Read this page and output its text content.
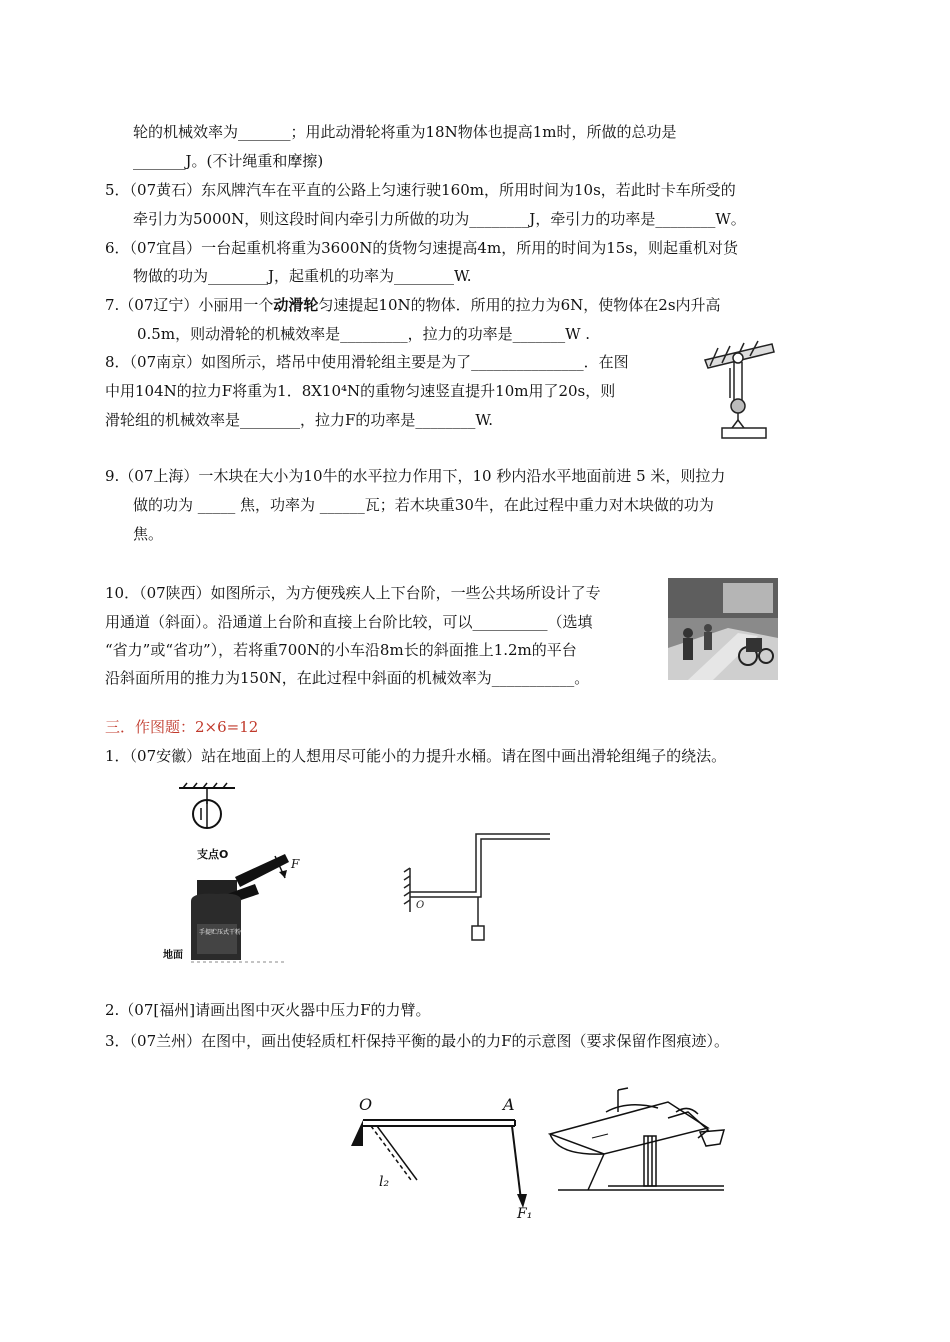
轮的机械效率为_______；用此动滑轮将重为18N物体也提高1m时，所做的总功是
_______J。(不计绳重和摩擦)
5．（07黄石）东风牌汽车在平直的公路上匀速行驶160m，所用时间为10s，若此时卡车所受的
牵引力为5000N，则这段时间内牵引力所做的功为________J，牵引力的功率是________W。
6．（07宜昌）一台起重机将重为3600N的货物匀速提高4m，所用的时间为15s，则起重机对货
物做的功为________J，起重机的功率为________W.
7.（07辽宁）小丽用一个动滑轮匀速提起10N的物体．所用的拉力为6N，使物体在2s内升高
0.5m，则动滑轮的机械效率是_________，拉力的功率是_______W .
8．（07南京）如图所示，塔吊中使用滑轮组主要是为了_______________．在图
中用104N的拉力F将重为1．8X10⁴N的重物匀速竖直提升10m用了20s，则
滑轮组的机械效率是________，拉力F的功率是________W.
9.（07上海）一木块在大小为10牛的水平拉力作用下，10 秒内沿水平地面前进 5 米，则拉力
做的功为 _____ 焦，功率为 ______瓦；若木块重30牛，在此过程中重力对木块做的功为
焦。
10．（07陕西）如图所示，为方便残疾人上下台阶，一些公共场所设计了专
用通道（斜面）。沿通道上台阶和直接上台阶比较，可以__________（选填
“省力”或“省功”），若将重700N的小车沿8m长的斜面推上1.2m的平台
沿斜面所用的推力为150N，在此过程中斜面的机械效率为___________。
三．作图题：2×6=12
1．（07安徽）站在地面上的人想用尽可能小的力提升水桶。请在图中画出滑轮组绳子的绕法。
手提贮压式干粉灭火器
支点O
F
地面
O
2.（07[福州]请画出图中灭火器中压力F的力臂。
3．（07兰州）在图中，画出使轻质杠杆保持平衡的最小的力F的示意图（要求保留作图痕迹）。
O	A
l₂
F₁
